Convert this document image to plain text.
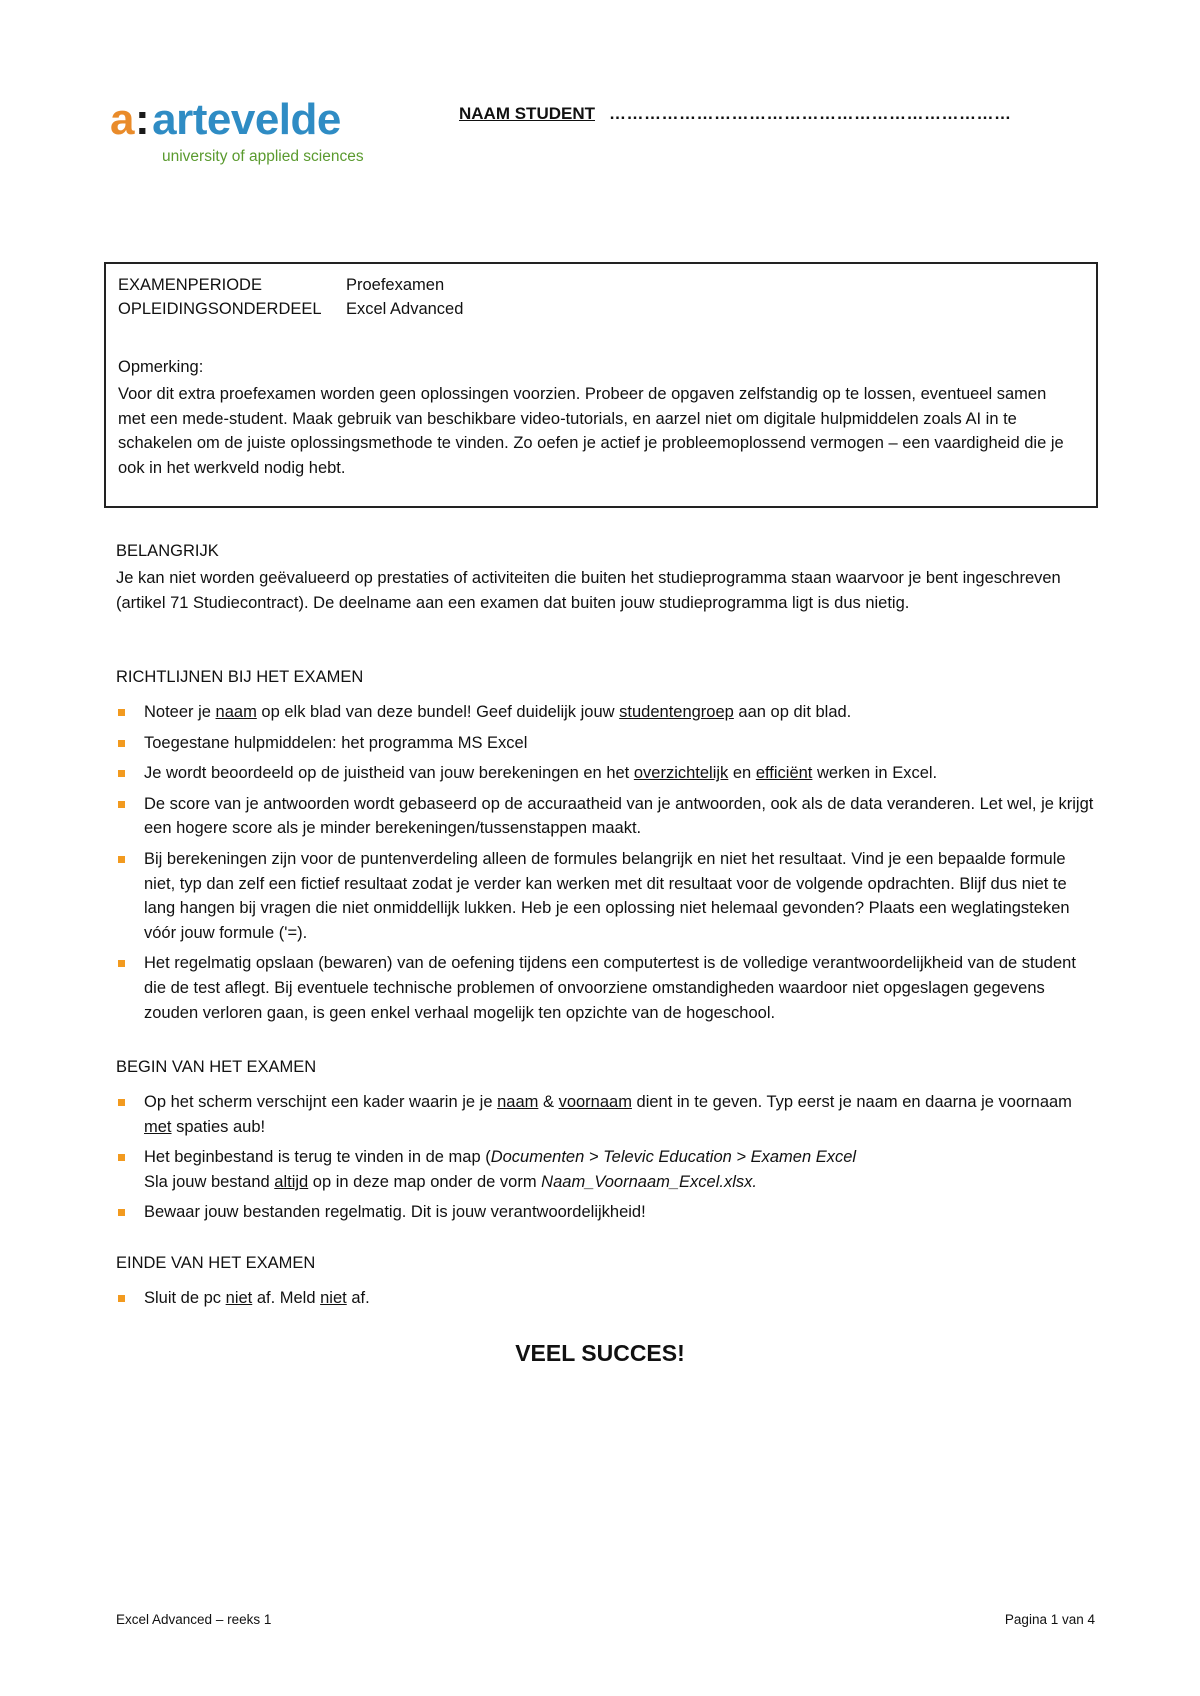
a:artevelde
university of applied sciences
NAAM STUDENT ……………………………………………………………
EXAMENPERIODE	Proefexamen
OPLEIDINGSONDERDEEL Excel Advanced
Opmerking:
Voor dit extra proefexamen worden geen oplossingen voorzien. Probeer de opgaven zelfstandig op te lossen, eventueel samen met een mede-student. Maak gebruik van beschikbare video-tutorials, en aarzel niet om digitale hulpmiddelen zoals AI in te schakelen om de juiste oplossingsmethode te vinden. Zo oefen je actief je probleemoplossend vermogen – een vaardigheid die je ook in het werkveld nodig hebt.
BELANGRIJK
Je kan niet worden geëvalueerd op prestaties of activiteiten die buiten het studieprogramma staan waarvoor je bent ingeschreven (artikel 71 Studiecontract). De deelname aan een examen dat buiten jouw studieprogramma ligt is dus nietig.
RICHTLIJNEN BIJ HET EXAMEN
Noteer je naam op elk blad van deze bundel! Geef duidelijk jouw studentengroep aan op dit blad.
Toegestane hulpmiddelen: het programma MS Excel
Je wordt beoordeeld op de juistheid van jouw berekeningen en het overzichtelijk en efficiënt werken in Excel.
De score van je antwoorden wordt gebaseerd op de accuraatheid van je antwoorden, ook als de data veranderen. Let wel, je krijgt een hogere score als je minder berekeningen/tussenstappen maakt.
Bij berekeningen zijn voor de puntenverdeling alleen de formules belangrijk en niet het resultaat. Vind je een bepaalde formule niet, typ dan zelf een fictief resultaat zodat je verder kan werken met dit resultaat voor de volgende opdrachten. Blijf dus niet te lang hangen bij vragen die niet onmiddellijk lukken. Heb je een oplossing niet helemaal gevonden? Plaats een weglatingsteken vóór jouw formule ('=).
Het regelmatig opslaan (bewaren) van de oefening tijdens een computertest is de volledige verantwoordelijkheid van de student die de test aflegt. Bij eventuele technische problemen of onvoorziene omstandigheden waardoor niet opgeslagen gegevens zouden verloren gaan, is geen enkel verhaal mogelijk ten opzichte van de hogeschool.
BEGIN VAN HET EXAMEN
Op het scherm verschijnt een kader waarin je je naam & voornaam dient in te geven. Typ eerst je naam en daarna je voornaam met spaties aub!
Het beginbestand is terug te vinden in de map (Documenten > Televic Education > Examen Excel
Sla jouw bestand altijd op in deze map onder de vorm Naam_Voornaam_Excel.xlsx.
Bewaar jouw bestanden regelmatig. Dit is jouw verantwoordelijkheid!
EINDE VAN HET EXAMEN
Sluit de pc niet af. Meld niet af.
VEEL SUCCES!
Excel Advanced – reeks 1	Pagina 1 van 4
